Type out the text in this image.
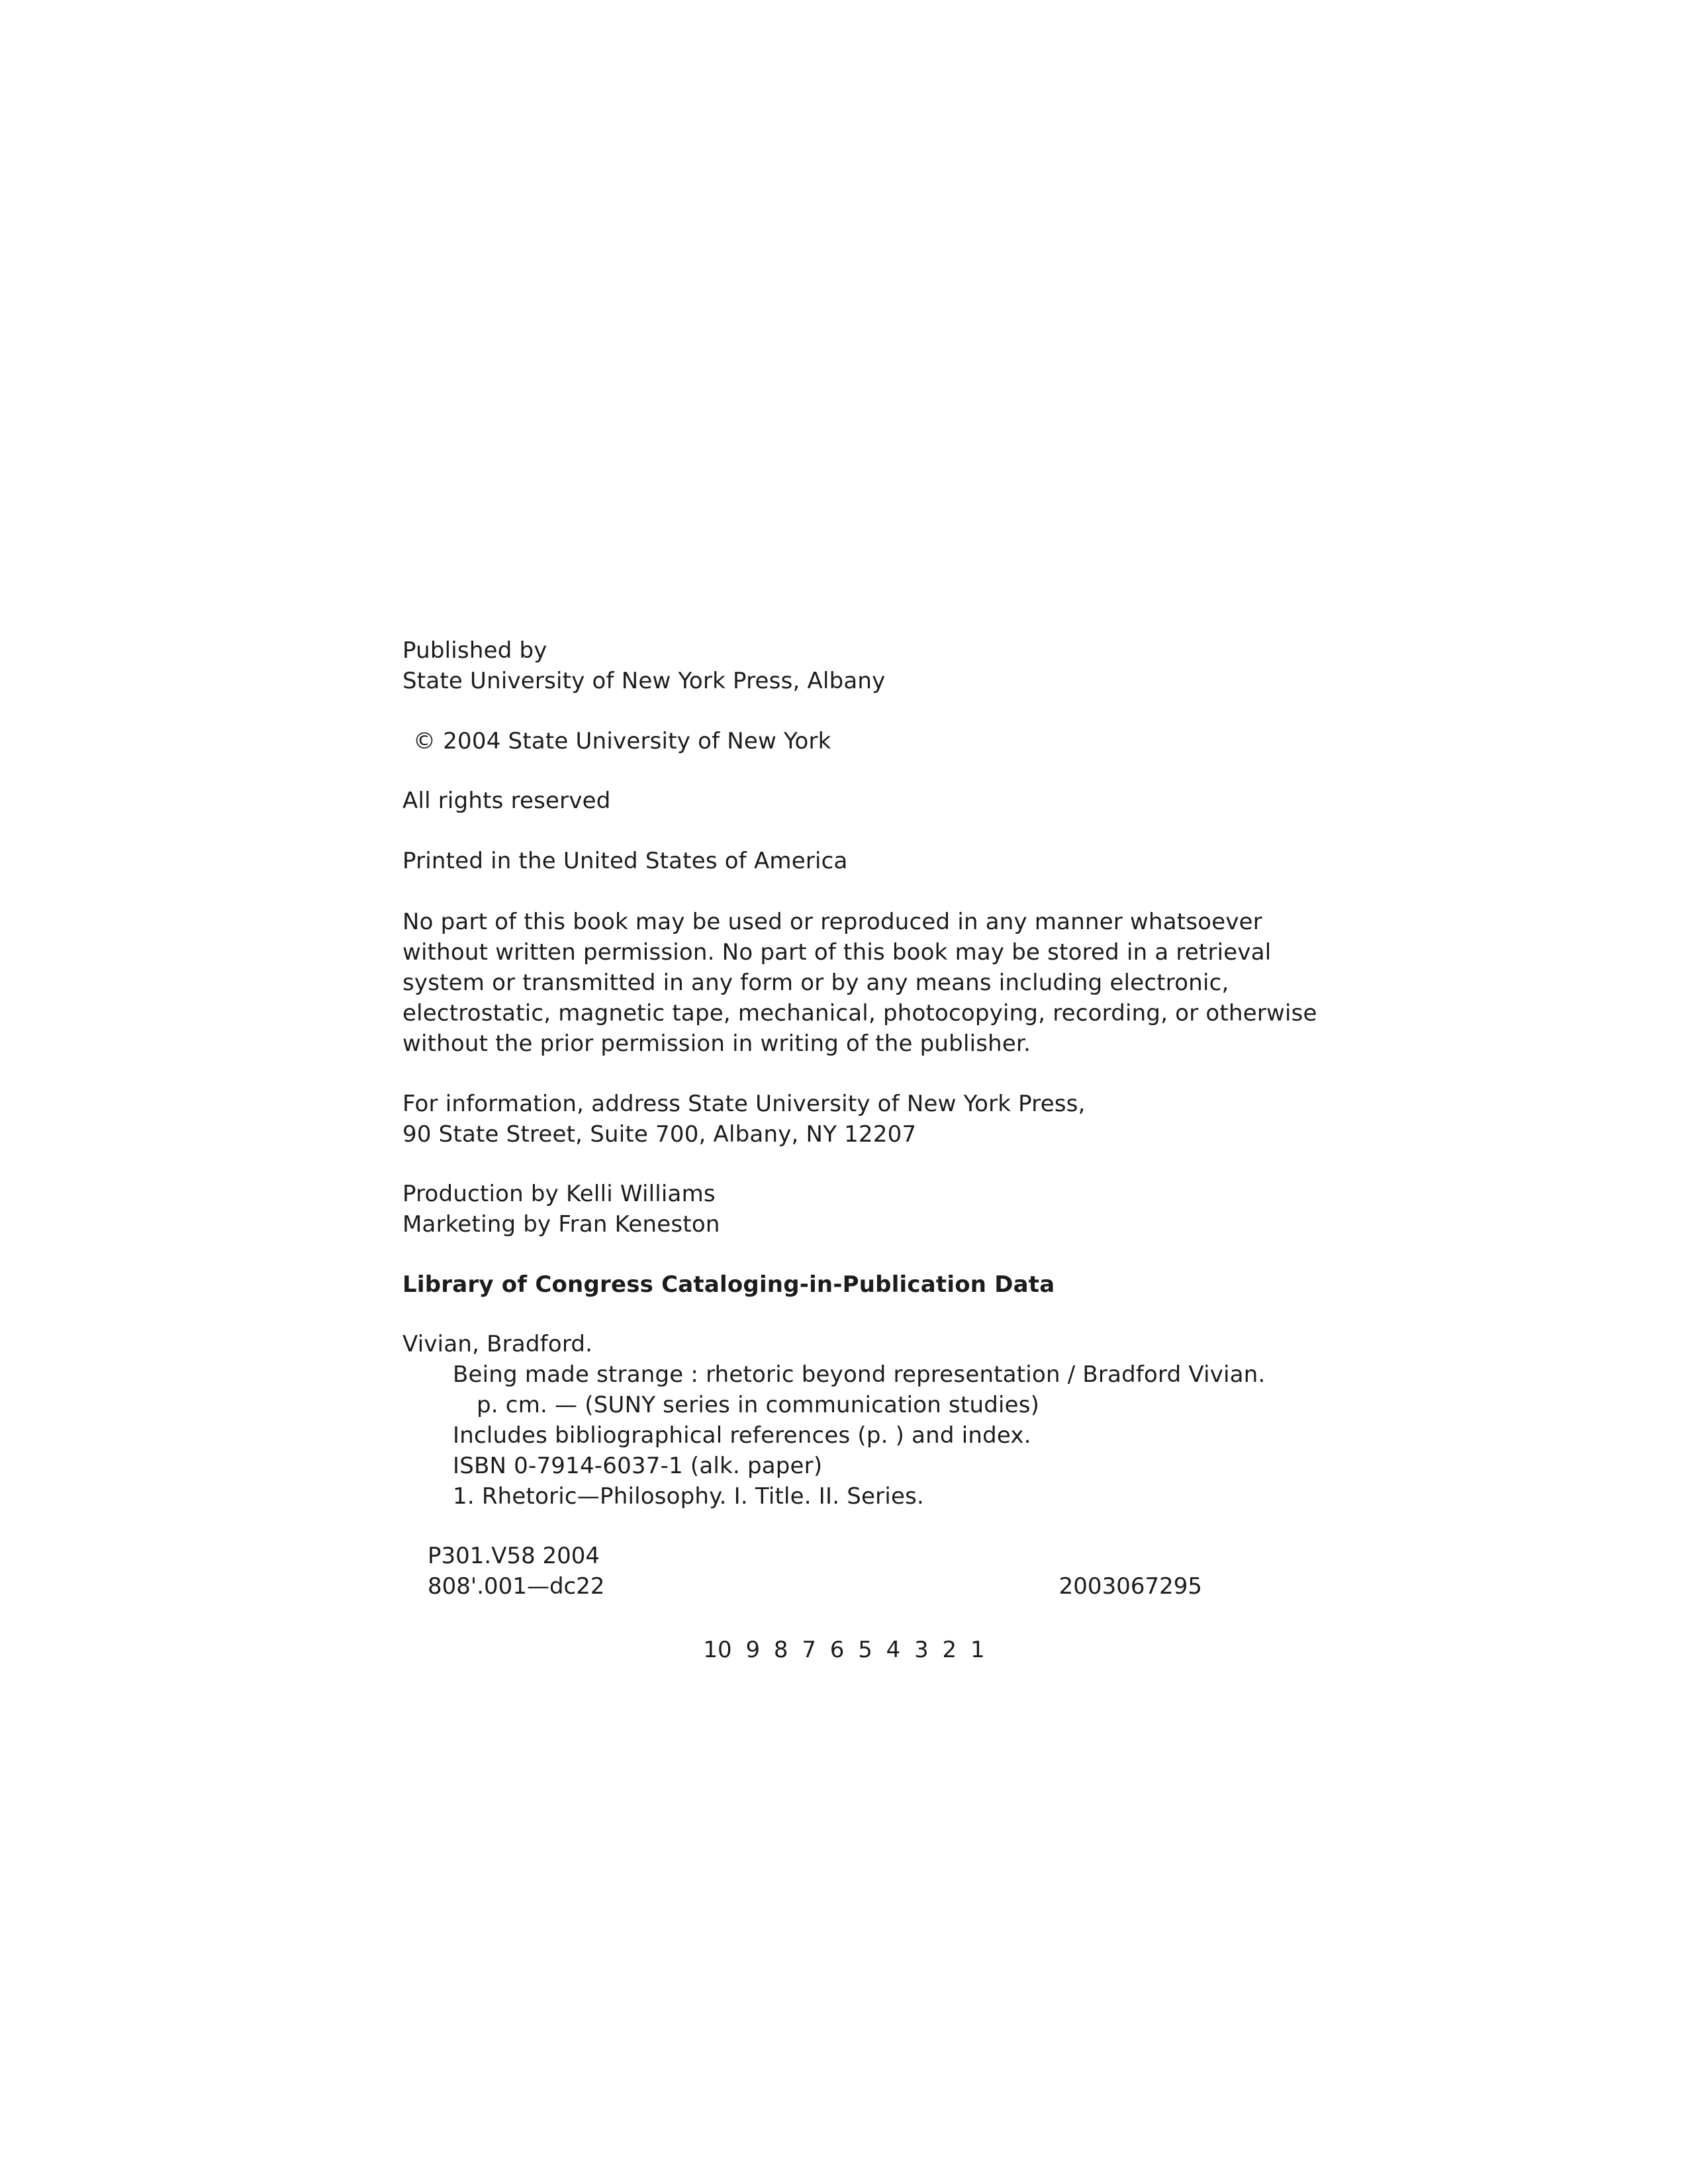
Published by
State University of New York Press, Albany
© 2004 State University of New York
All rights reserved
Printed in the United States of America
No part of this book may be used or reproduced in any manner whatsoever
without written permission. No part of this book may be stored in a retrieval
system or transmitted in any form or by any means including electronic,
electrostatic, magnetic tape, mechanical, photocopying, recording, or otherwise
without the prior permission in writing of the publisher.
For information, address State University of New York Press,
90 State Street, Suite 700, Albany, NY 12207
Production by Kelli Williams
Marketing by Fran Keneston
Library of Congress Cataloging-in-Publication Data
Vivian, Bradford.
Being made strange : rhetoric beyond representation / Bradford Vivian.
p. cm. — (SUNY series in communication studies)
Includes bibliographical references (p. ) and index.
ISBN 0-7914-6037-1 (alk. paper)
1. Rhetoric—Philosophy. I. Title. II. Series.
P301.V58 2004
808'.001—dc22	2003067295
10 9 8 7 6 5 4 3 2 1
